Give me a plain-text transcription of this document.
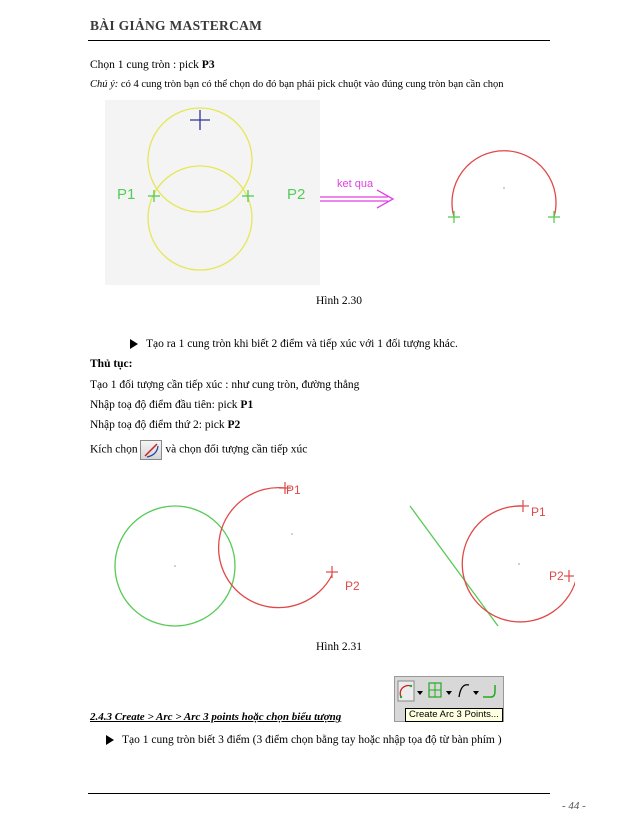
BÀI GIẢNG MASTERCAM
Chọn 1 cung tròn : pick P3
Chú ý: có 4 cung tròn bạn có thể chọn do đó bạn phải pick chuột vào đúng cung tròn bạn cần chọn
P1	P2
ket qua
Hình 2.30
Tạo ra 1 cung tròn khi biết 2 điểm và tiếp xúc với 1 đối tượng khác.
Thủ tục:
Tạo 1 đối tượng cần tiếp xúc : như cung tròn, đường thẳng
Nhập toạ độ điểm đầu tiên: pick P1
Nhập toạ độ điểm thứ 2: pick P2
Kích chọn
và chọn đối tượng cần tiếp xúc
P1
P2
P1
P2
Hình 2.31
2.4.3 Create > Arc > Arc 3 points hoặc chọn biểu tượng	Create Arc 3 Points...
Tạo 1 cung tròn biết 3 điểm (3 điểm chọn bằng tay hoặc nhập tọa độ từ bàn phím )
- 44 -
